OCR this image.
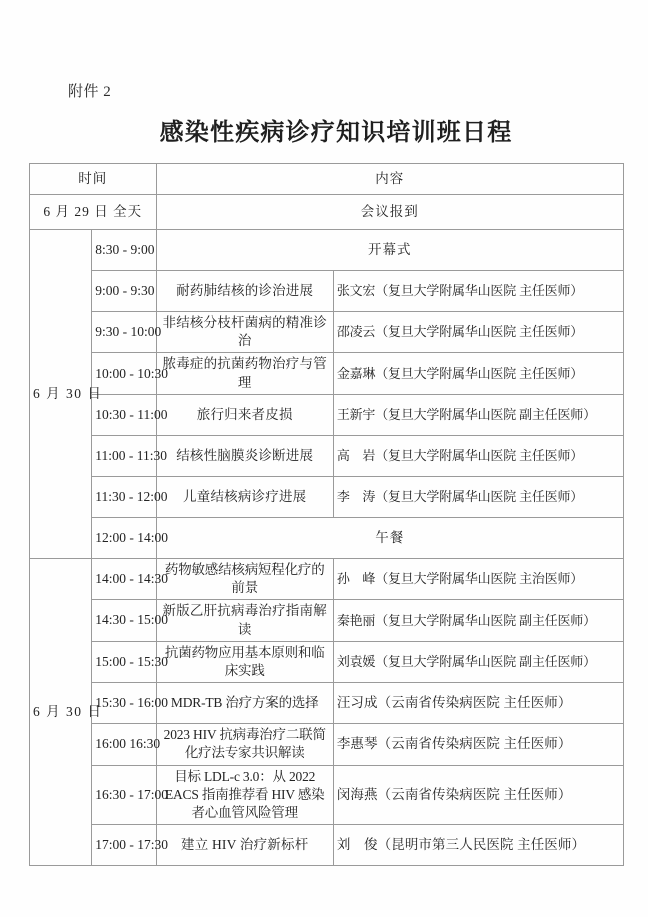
附件 2
感染性疾病诊疗知识培训班日程
时间		内容	
6 月 29 日 全天		会议报到	
6 月 30 日	8:30 - 9:00	开幕式	
	9:00 - 9:30	耐药肺结核的诊治进展	张文宏（复旦大学附属华山医院 主任医师）
	9:30 - 10:00	非结核分枝杆菌病的精准诊治	邵凌云（复旦大学附属华山医院 主任医师）
	10:00 - 10:30	脓毒症的抗菌药物治疗与管理	金嘉琳（复旦大学附属华山医院 主任医师）
	10:30 - 11:00	旅行归来者皮损	王新宇（复旦大学附属华山医院 副主任医师）
	11:00 - 11:30	结核性脑膜炎诊断进展	高　岩（复旦大学附属华山医院 主任医师）
	11:30 - 12:00	儿童结核病诊疗进展	李　涛（复旦大学附属华山医院 主任医师）
	12:00 - 14:00	午餐	
6 月 30 日	14:00 - 14:30	药物敏感结核病短程化疗的前景	孙　峰（复旦大学附属华山医院 主治医师）
	14:30 - 15:00	新版乙肝抗病毒治疗指南解读	秦艳丽（复旦大学附属华山医院 副主任医师）
	15:00 - 15:30	抗菌药物应用基本原则和临床实践	刘袁媛（复旦大学附属华山医院 副主任医师）
	15:30 - 16:00	MDR-TB 治疗方案的选择	汪习成（云南省传染病医院 主任医师）
	16:00 16:30	2023 HIV 抗病毒治疗二联简化疗法专家共识解读	李惠琴（云南省传染病医院 主任医师）
	16:30 - 17:00	目标 LDL-c 3.0：从 2022 EACS 指南推荐看 HIV 感染者心血管风险管理	闵海燕（云南省传染病医院 主任医师）
	17:00 - 17:30	建立 HIV 治疗新标杆	刘　俊（昆明市第三人民医院 主任医师）
